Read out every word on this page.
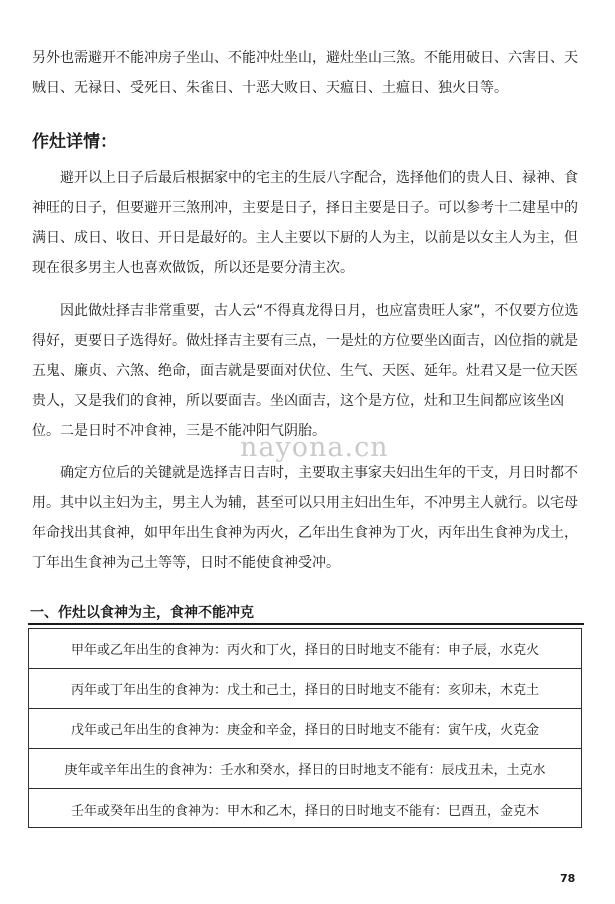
另外也需避开不能冲房子坐山、不能冲灶坐山，避灶坐山三煞。不能用破日、六害日、天贼日、无禄日、受死日、朱雀日、十恶大败日、天瘟日、土瘟日、独火日等。

作灶详情：

避开以上日子后最后根据家中的宅主的生辰八字配合，选择他们的贵人日、禄神、食神旺的日子，但要避开三煞刑冲，主要是日子，择日主要是日子。可以参考十二建星中的满日、成日、收日、开日是最好的。主人主要以下厨的人为主，以前是以女主人为主，但现在很多男主人也喜欢做饭，所以还是要分清主次。

因此做灶择吉非常重要，古人云“不得真龙得日月，也应富贵旺人家”，不仅要方位选得好，更要日子选得好。做灶择吉主要有三点，一是灶的方位要坐凶面吉，凶位指的就是五鬼、廉贞、六煞、绝命，面吉就是要面对伏位、生气、天医、延年。灶君又是一位天医贵人，又是我们的食神，所以要面吉。坐凶面吉，这个是方位，灶和卫生间都应该坐凶位。二是日时不冲食神，三是不能冲阳气阴胎。

确定方位后的关键就是选择吉日吉时，主要取主事家夫妇出生年的干支，月日时都不用。其中以主妇为主，男主人为辅，甚至可以只用主妇出生年，不冲男主人就行。以宅母年命找出其食神，如甲年出生食神为丙火，乙年出生食神为丁火，丙年出生食神为戊土，丁年出生食神为己土等等，日时不能使食神受冲。

一、作灶以食神为主，食神不能冲克
甲年或乙年出生的食神为：丙火和丁火，择日的日时地支不能有：申子辰，水克火
丙年或丁年出生的食神为：戊土和己土，择日的日时地支不能有：亥卯未，木克土
戊年或己年出生的食神为：庚金和辛金，择日的日时地支不能有：寅午戌，火克金
庚年或辛年出生的食神为：壬水和癸水，择日的日时地支不能有：辰戌丑未，土克水
壬年或癸年出生的食神为：甲木和乙木，择日的日时地支不能有：巳酉丑，金克木
nayona.cn
78
